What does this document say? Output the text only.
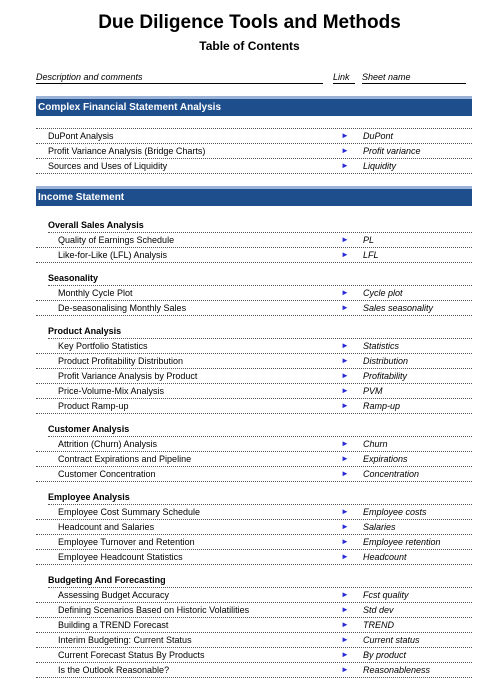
Due Diligence Tools and Methods
Table of Contents
Description and comments	Link	Sheet name
Complex Financial Statement Analysis
DuPont Analysis	► DuPont
Profit Variance Analysis (Bridge Charts)	► Profit variance
Sources and Uses of Liquidity	► Liquidity
Income Statement
Overall Sales Analysis
Quality of Earnings Schedule	► PL
Like-for-Like (LFL) Analysis	► LFL
Seasonality
Monthly Cycle Plot	► Cycle plot
De-seasonalising Monthly Sales	► Sales seasonality
Product Analysis
Key Portfolio Statistics	► Statistics
Product Profitability Distribution	► Distribution
Profit Variance Analysis by Product	► Profitability
Price-Volume-Mix Analysis	► PVM
Product Ramp-up	► Ramp-up
Customer Analysis
Attrition (Churn) Analysis	► Churn
Contract Expirations and Pipeline	► Expirations
Customer Concentration	► Concentration
Employee Analysis
Employee Cost Summary Schedule	► Employee costs
Headcount and Salaries	► Salaries
Employee Turnover and Retention	► Employee retention
Employee Headcount Statistics	► Headcount
Budgeting And Forecasting
Assessing Budget Accuracy	► Fcst quality
Defining Scenarios Based on Historic Volatilities	► Std dev
Building a TREND Forecast	► TREND
Interim Budgeting: Current Status	► Current status
Current Forecast Status By Products	► By product
Is the Outlook Reasonable?	► Reasonableness
